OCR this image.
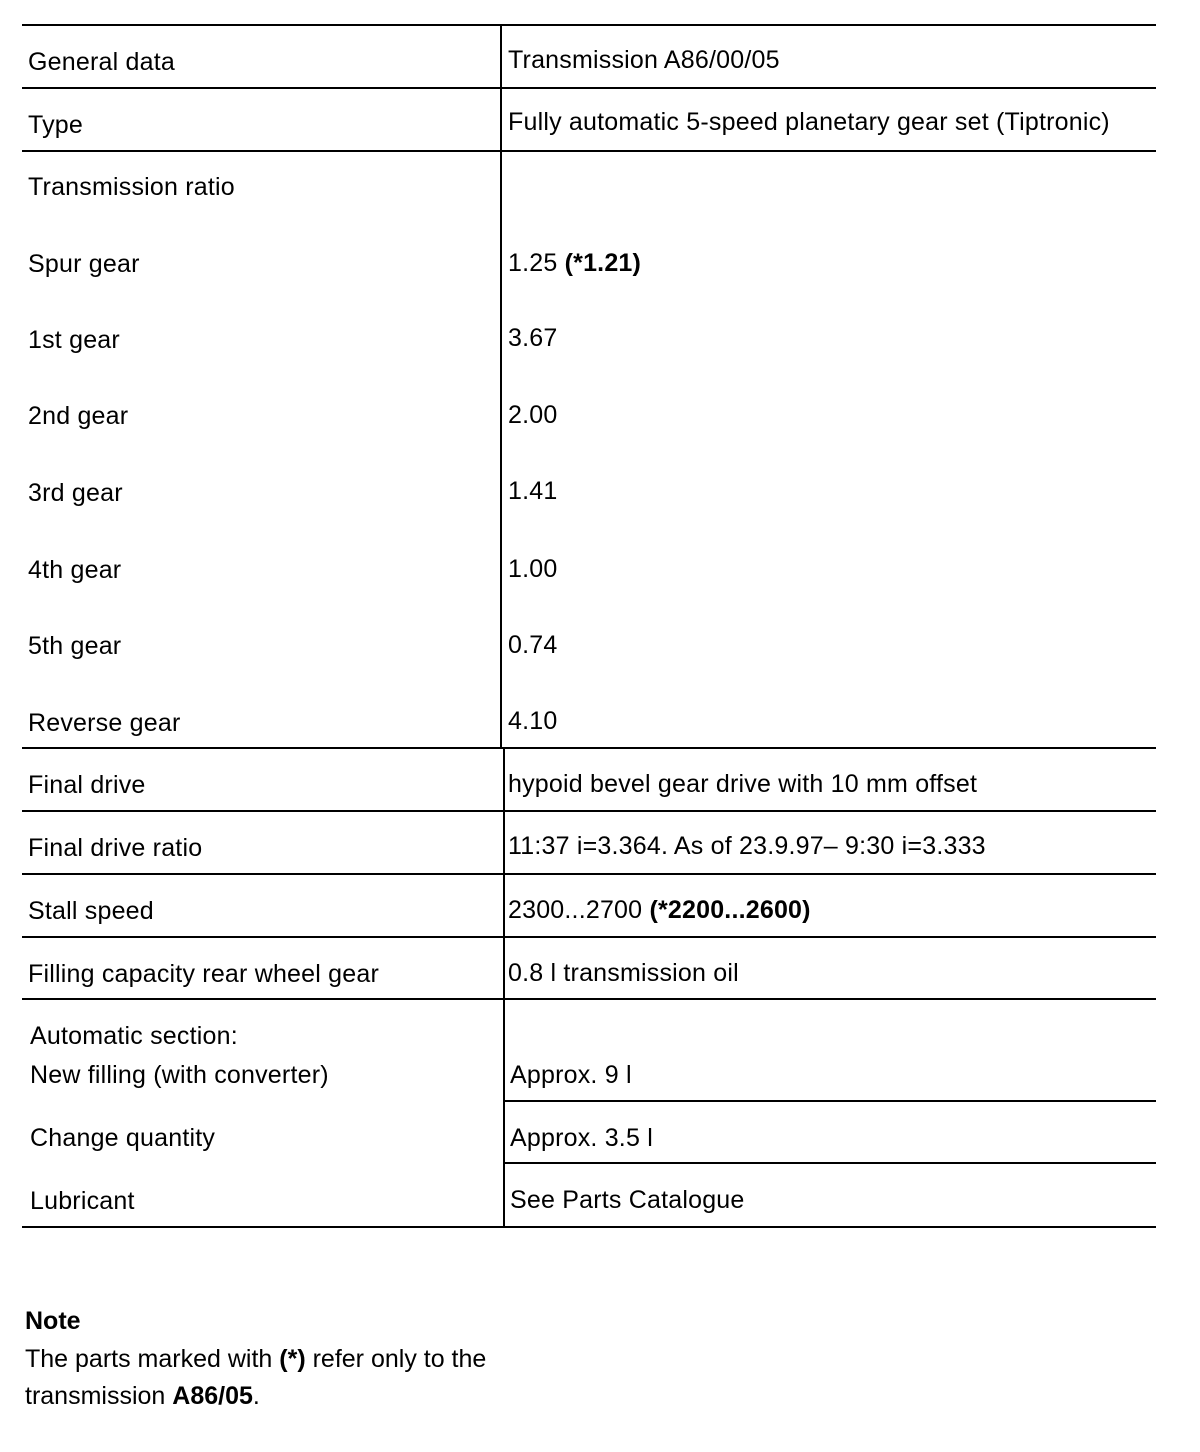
General data	Transmission A86/00/05
Type	Fully automatic 5-speed planetary gear set (Tiptronic)
Transmission ratio
Spur gear	1.25 (*1.21)
1st gear	3.67
2nd gear	2.00
3rd gear	1.41
4th gear	1.00
5th gear	0.74
Reverse gear	4.10
Final drive	hypoid bevel gear drive with 10 mm offset
Final drive ratio	11:37 i=3.364. As of 23.9.97– 9:30 i=3.333
Stall speed	2300...2700 (*2200...2600)
Filling capacity rear wheel gear	0.8 l transmission oil
Automatic section:
New filling (with converter)	Approx. 9 l
Change quantity	Approx. 3.5 l
Lubricant	See Parts Catalogue
Note
The parts marked with (*) refer only to the
transmission A86/05.
